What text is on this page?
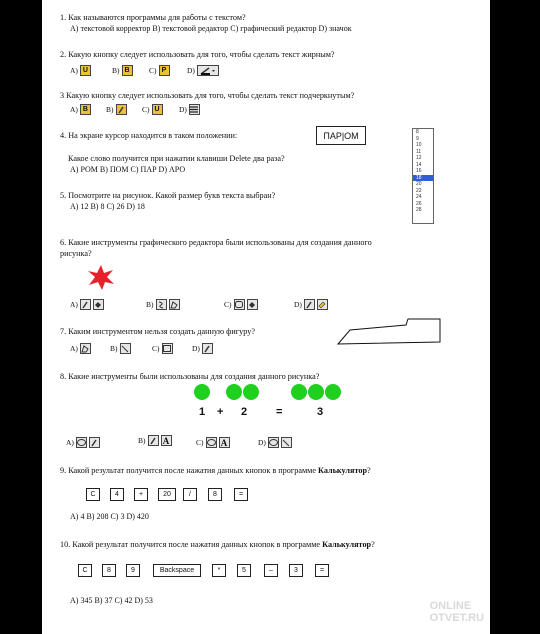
1. Как называются программы для работы с текстом?
A) текстовой корректор B) текстовой редактор C) графический редактор D) значок
2. Какую кнопку следует использовать для того, чтобы сделать текст жирным?
A) U	B) B	C) P	D)
3 Какую кнопку следует использовать для того, чтобы сделать текст подчеркнутым?
A) B	B)	C) U	D)
4. На экране курсор находится в таком положении:	ПАР|ОМ
Какое слово получится при нажатии клавиши Delete два раза?
A) РОМ B) ПОМ C) ПАР D) АРО
8
9
10
11
12
14
16
18
20
22
24
26
28
5. Посмотрите на рисунок. Какой размер букв текста выбран?
A) 12 B) 8 C) 26 D) 18
6. Какие инструменты графического редактора были использованы для создания данного
рисунка?
A)	B)	C)	D)
7. Каким инструментом нельзя создать данную фигуру?
A)	B)	C)	D)
8. Какие инструменты были использованы для создания данного рисунка?
1 + 2	=	3
A)	B) A	C) A	D)
9. Какой результат получится после нажатия данных кнопок в программе Калькулятор?
C	4	+	20	/	8	=
A) 4 B) 208 C) 3 D) 420
10. Какой результат получится после нажатия данных кнопок в программе Калькулятор?
C	8	9	Backspace	*	5	–	3	=
A) 345 B) 37 C) 42 D) 53	ONLINE
OTVET.RU
